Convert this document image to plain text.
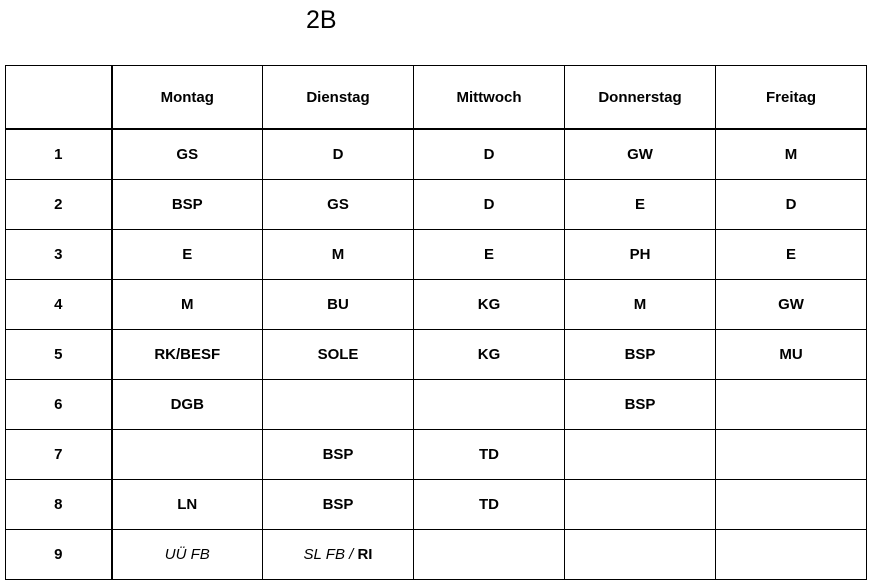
2B
	Montag	Dienstag	Mittwoch	Donnerstag	Freitag
1	GS	D	D	GW	M
2	BSP	GS	D	E	D
3	E	M	E	PH	E
4	M	BU	KG	M	GW
5	RK/BESF	SOLE	KG	BSP	MU
6	DGB			BSP	
7		BSP	TD		
8	LN	BSP	TD		
9	UÜ FB	SL FB / RI			
